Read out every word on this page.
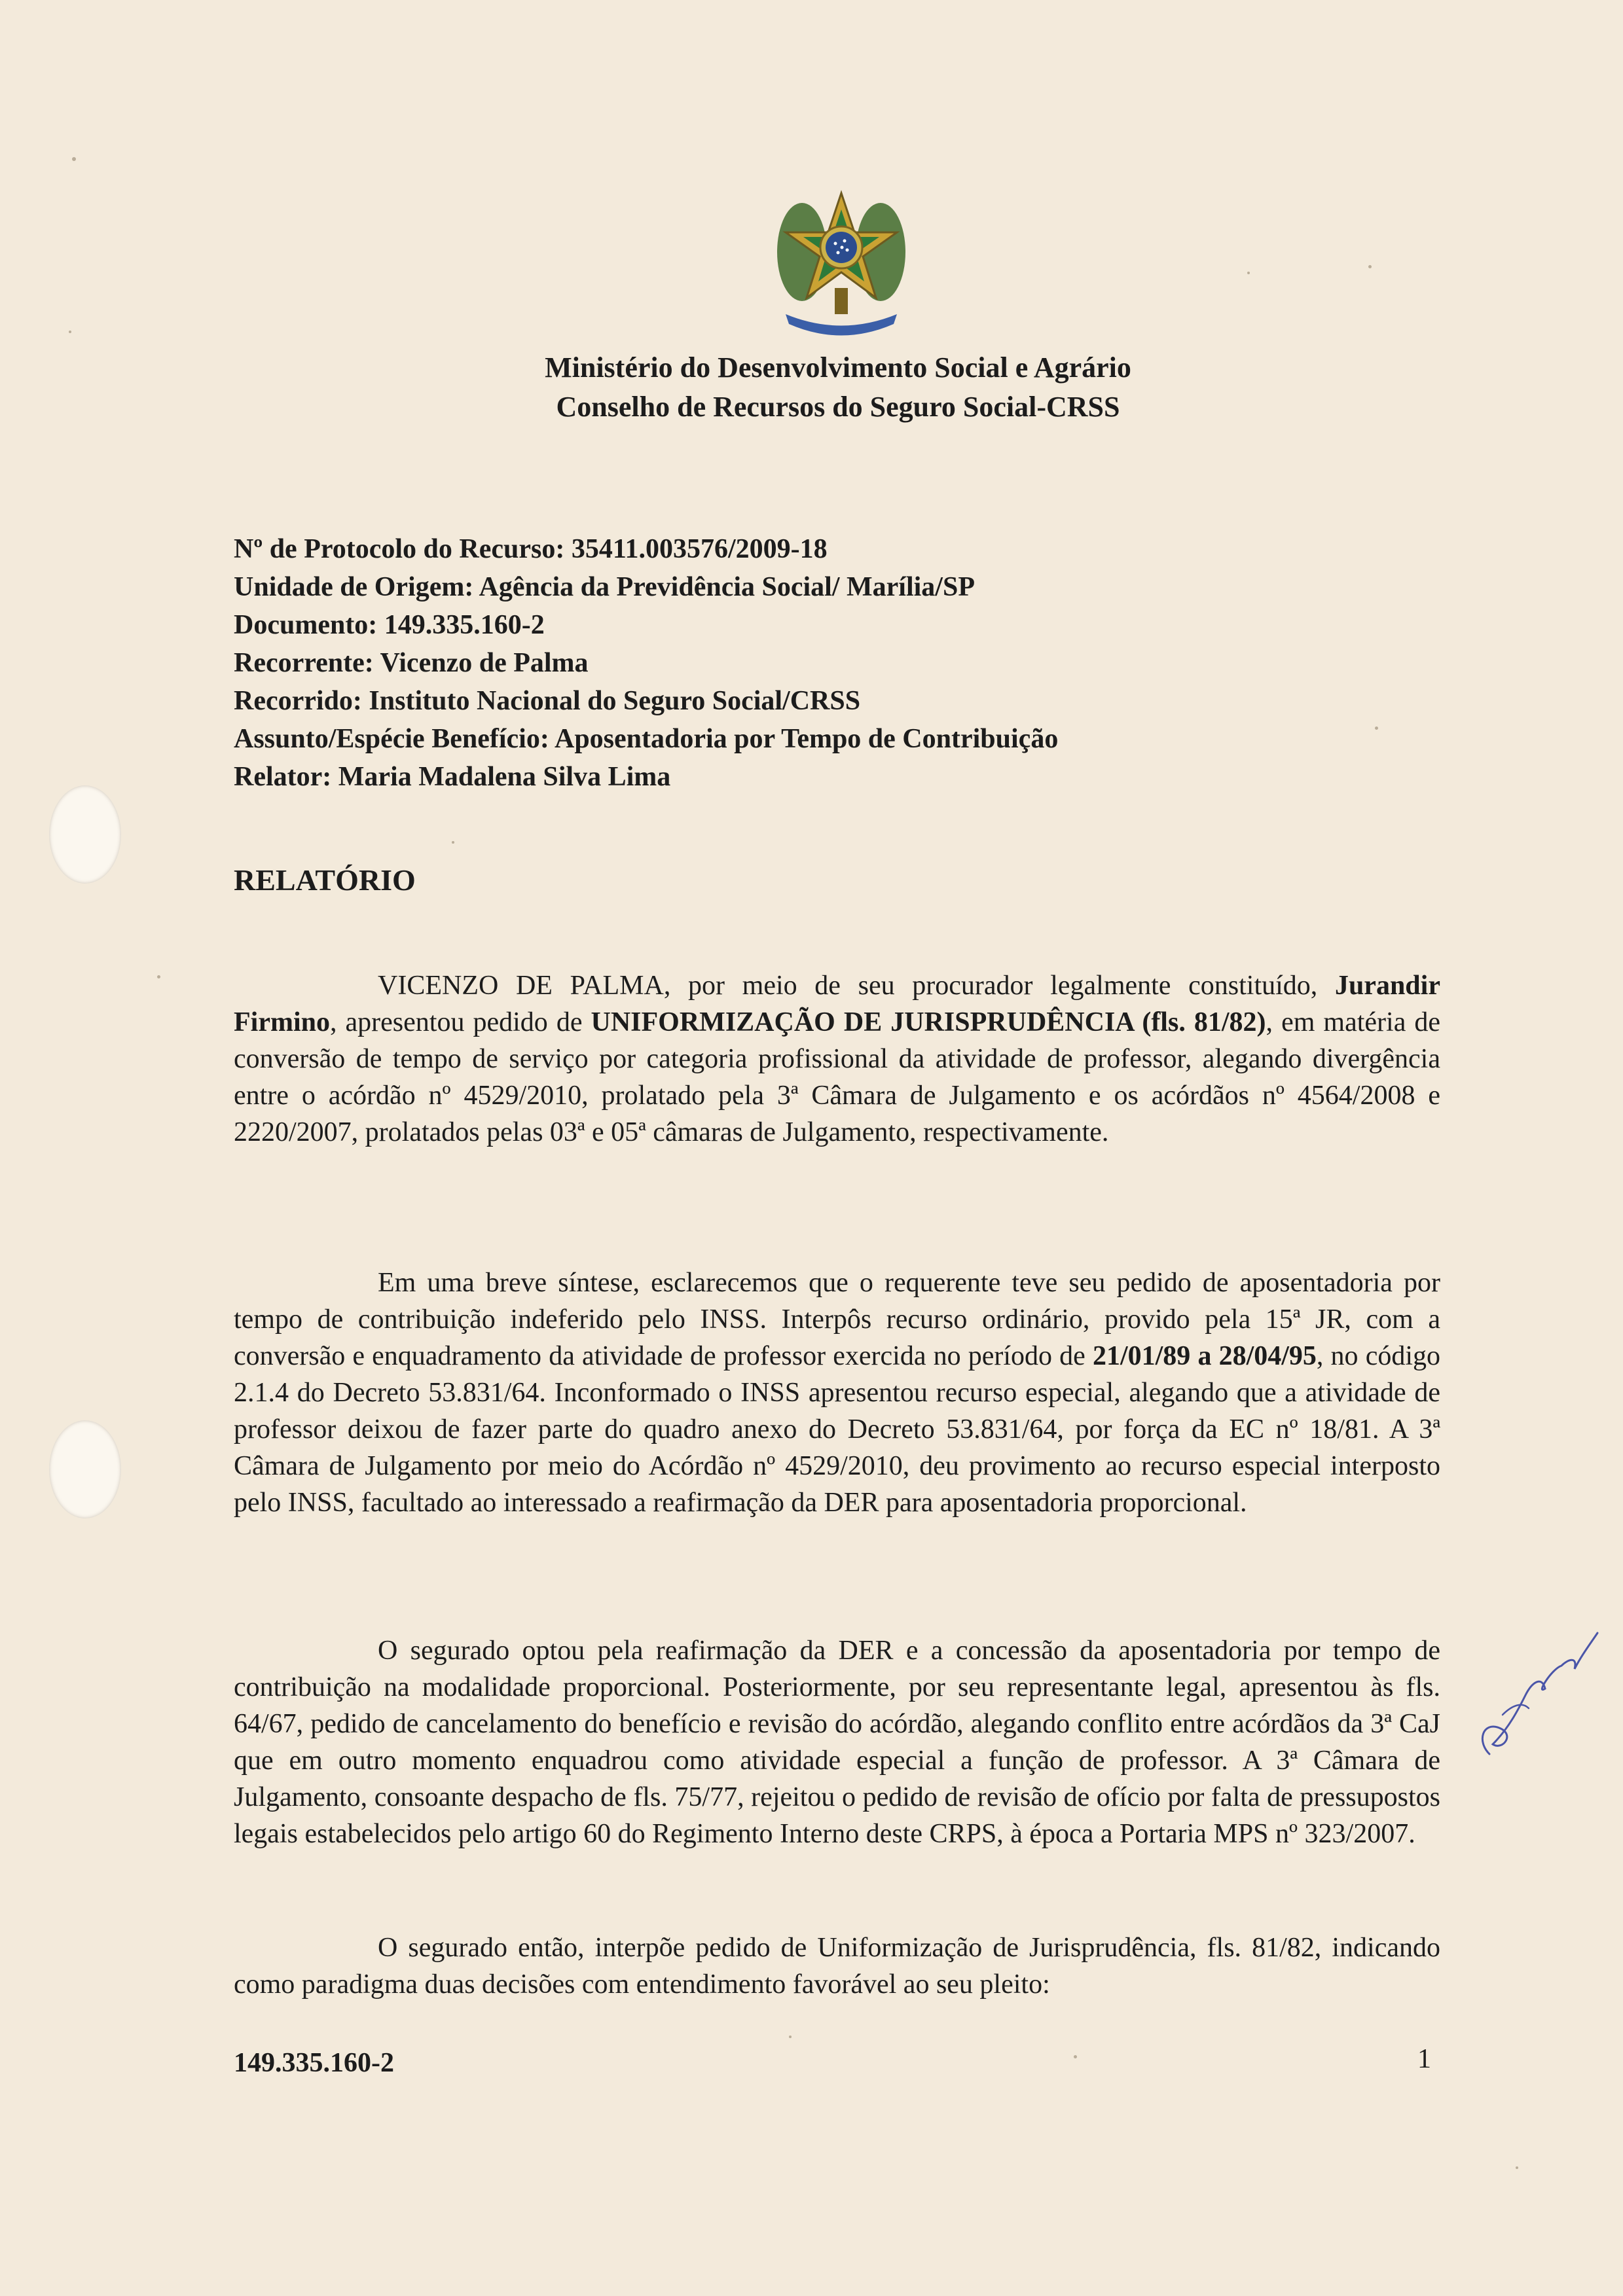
Ministério do Desenvolvimento Social e Agrário
Conselho de Recursos do Seguro Social-CRSS
Nº de Protocolo do Recurso: 35411.003576/2009-18
Unidade de Origem: Agência da Previdência Social/ Marília/SP
Documento: 149.335.160-2
Recorrente: Vicenzo de Palma
Recorrido: Instituto Nacional do Seguro Social/CRSS
Assunto/Espécie Benefício: Aposentadoria por Tempo de Contribuição
Relator: Maria Madalena Silva Lima
RELATÓRIO

VICENZO DE PALMA, por meio de seu procurador legalmente constituído, Jurandir Firmino, apresentou pedido de UNIFORMIZAÇÃO DE JURISPRUDÊNCIA (fls. 81/82), em matéria de conversão de tempo de serviço por categoria profissional da atividade de professor, alegando divergência entre o acórdão nº 4529/2010, prolatado pela 3ª Câmara de Julgamento e os acórdãos nº 4564/2008 e 2220/2007, prolatados pelas 03ª e 05ª câmaras de Julgamento, respectivamente.

Em uma breve síntese, esclarecemos que o requerente teve seu pedido de aposentadoria por tempo de contribuição indeferido pelo INSS. Interpôs recurso ordinário, provido pela 15ª JR, com a conversão e enquadramento da atividade de professor exercida no período de 21/01/89 a 28/04/95, no código 2.1.4 do Decreto 53.831/64. Inconformado o INSS apresentou recurso especial, alegando que a atividade de professor deixou de fazer parte do quadro anexo do Decreto 53.831/64, por força da EC nº 18/81. A 3ª Câmara de Julgamento por meio do Acórdão nº 4529/2010, deu provimento ao recurso especial interposto pelo INSS, facultado ao interessado a reafirmação da DER para aposentadoria proporcional.

O segurado optou pela reafirmação da DER e a concessão da aposentadoria por tempo de contribuição na modalidade proporcional. Posteriormente, por seu representante legal, apresentou às fls. 64/67, pedido de cancelamento do benefício e revisão do acórdão, alegando conflito entre acórdãos da 3ª CaJ que em outro momento enquadrou como atividade especial a função de professor. A 3ª Câmara de Julgamento, consoante despacho de fls. 75/77, rejeitou o pedido de revisão de ofício por falta de pressupostos legais estabelecidos pelo artigo 60 do Regimento Interno deste CRPS, à época a Portaria MPS nº 323/2007.

O segurado então, interpõe pedido de Uniformização de Jurisprudência, fls. 81/82, indicando como paradigma duas decisões com entendimento favorável ao seu pleito:

149.335.160-2	1
